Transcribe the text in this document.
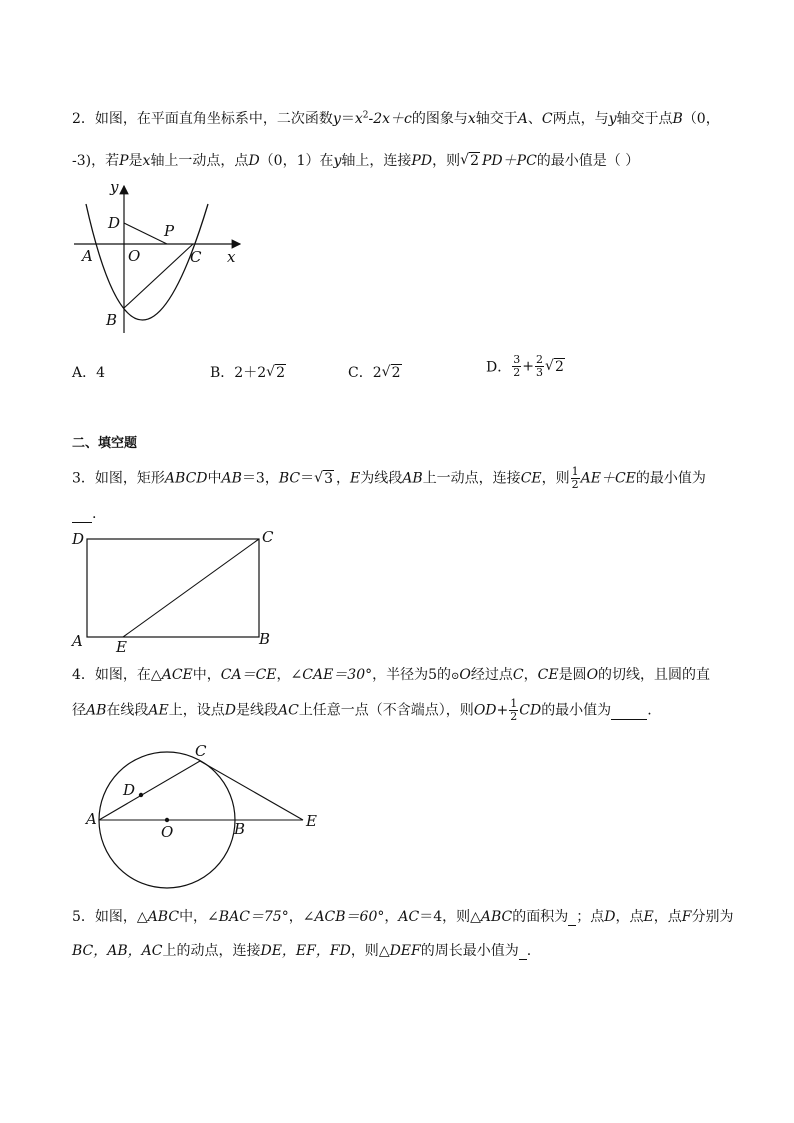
2．如图，在平面直角坐标系中，二次函数$y=x^2-2x+c$的图象与x轴交于A、C两点，与y轴交于点B（0，
-3)，若P是x轴上一动点，点D（0，1）在y轴上，连接PD，则 √ 2 PD＋PC的最小值是（ ）
y
D	P
A O	C x
B
A．4	B．2＋2 √ 2	C．2 √ 2	D． $\frac{3}{2} + \frac{2}{3}$ √ 2
二、填空题
3．如图，矩形ABCD中AB＝3，BC＝ √ 3 ，E为线段AB上一动点，连接CE，则 $\frac{1}{2} AE+CE$的最小值为
.
D	C
A E	B
4．如图，在△ACE中，CA＝CE，∠CAE＝30°，半径为5的⊙O经过点C，CE是圆O的切线，且圆的直
径AB在线段AE上，设点D是线段AC上任意一点（不含端点），则$OD+ \frac{1}{2}$ CD的最小值为	.
C
D
A
O	B	E
5．如图，△ABC中，∠BAC＝75°，∠ACB＝60°，AC＝4，则△ABC的面积为 ；点D，点E，点F分别为
BC，AB，AC上的动点，连接DE，EF，FD，则△DEF的周长最小值为 .
